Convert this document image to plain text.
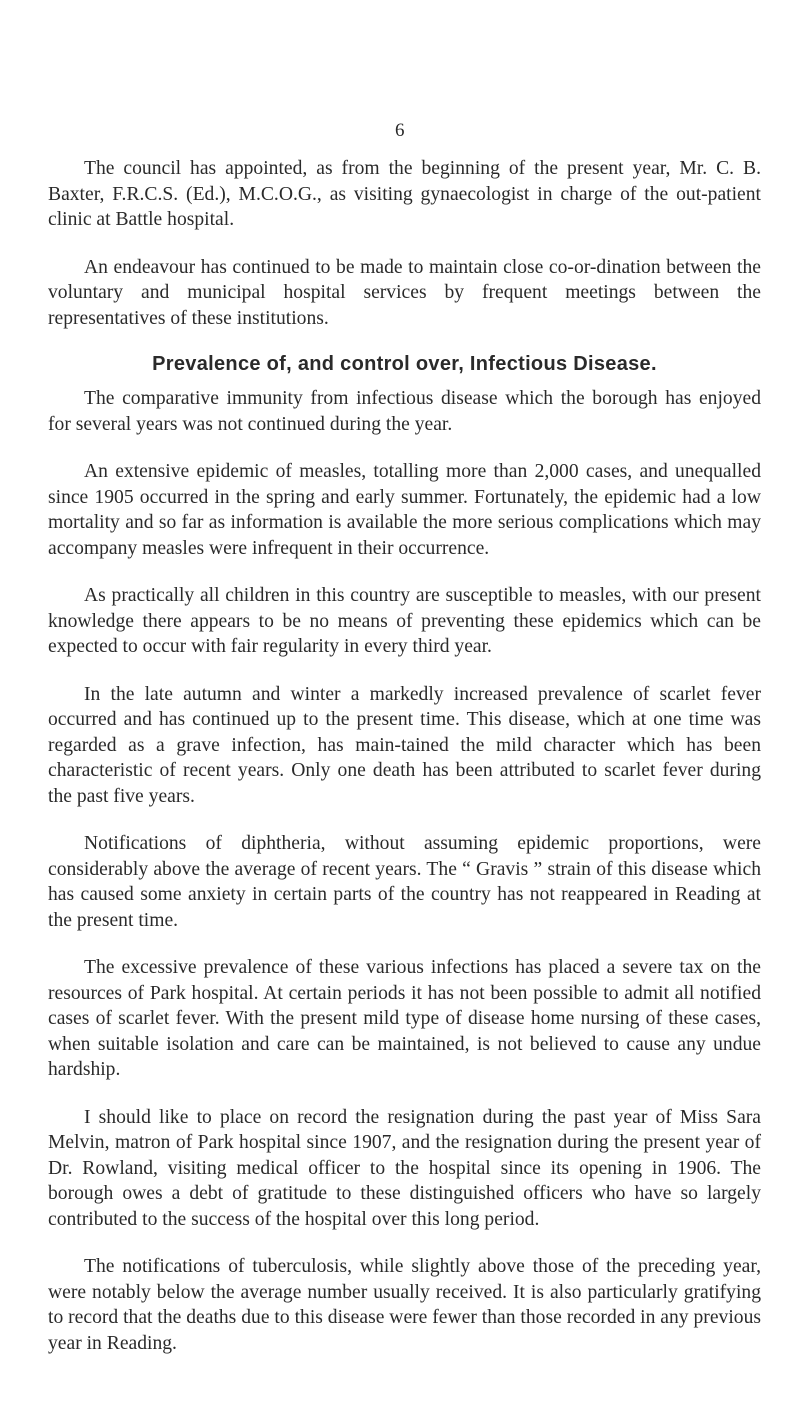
6

The council has appointed, as from the beginning of the present year, Mr. C. B. Baxter, F.R.C.S. (Ed.), M.C.O.G., as visiting gynaecologist in charge of the out-patient clinic at Battle hospital.

An endeavour has continued to be made to maintain close co-or-dination between the voluntary and municipal hospital services by frequent meetings between the representatives of these institutions.

Prevalence of, and control over, Infectious Disease.

The comparative immunity from infectious disease which the borough has enjoyed for several years was not continued during the year.

An extensive epidemic of measles, totalling more than 2,000 cases, and unequalled since 1905 occurred in the spring and early summer. Fortunately, the epidemic had a low mortality and so far as information is available the more serious complications which may accompany measles were infrequent in their occurrence.

As practically all children in this country are susceptible to measles, with our present knowledge there appears to be no means of preventing these epidemics which can be expected to occur with fair regularity in every third year.

In the late autumn and winter a markedly increased prevalence of scarlet fever occurred and has continued up to the present time. This disease, which at one time was regarded as a grave infection, has main-tained the mild character which has been characteristic of recent years. Only one death has been attributed to scarlet fever during the past five years.

Notifications of diphtheria, without assuming epidemic proportions, were considerably above the average of recent years. The “ Gravis ” strain of this disease which has caused some anxiety in certain parts of the country has not reappeared in Reading at the present time.

The excessive prevalence of these various infections has placed a severe tax on the resources of Park hospital. At certain periods it has not been possible to admit all notified cases of scarlet fever. With the present mild type of disease home nursing of these cases, when suitable isolation and care can be maintained, is not believed to cause any undue hardship.

I should like to place on record the resignation during the past year of Miss Sara Melvin, matron of Park hospital since 1907, and the resignation during the present year of Dr. Rowland, visiting medical officer to the hospital since its opening in 1906. The borough owes a debt of gratitude to these distinguished officers who have so largely contributed to the success of the hospital over this long period.

The notifications of tuberculosis, while slightly above those of the preceding year, were notably below the average number usually received. It is also particularly gratifying to record that the deaths due to this disease were fewer than those recorded in any previous year in Reading.
